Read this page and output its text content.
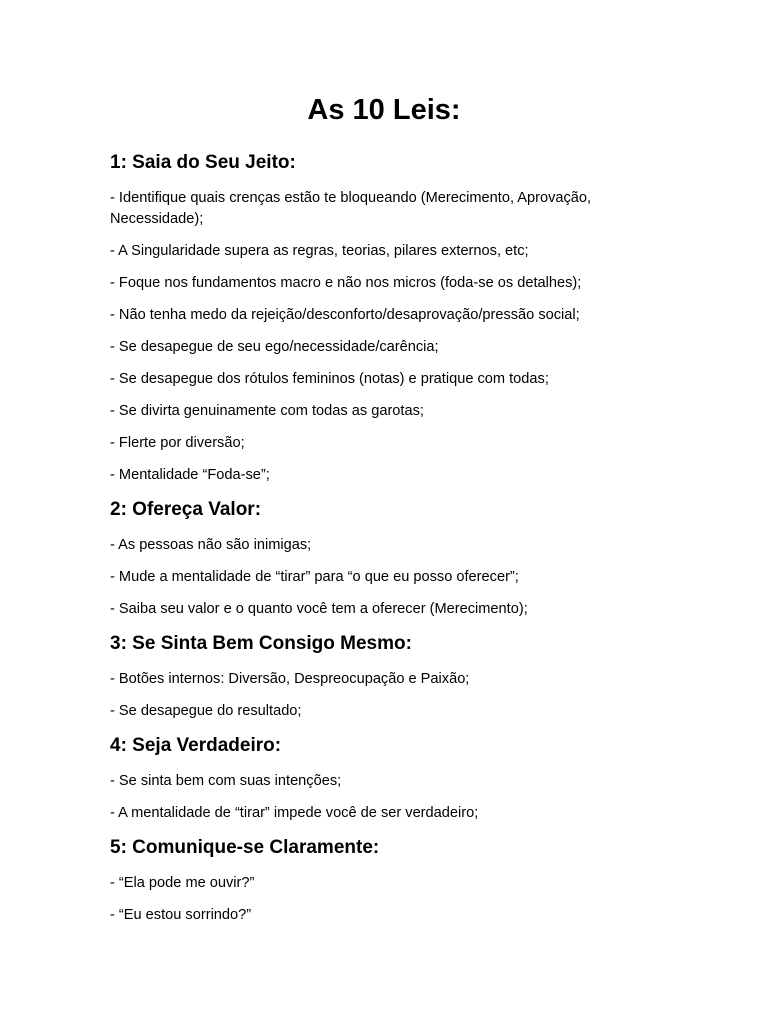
As 10 Leis:
1: Saia do Seu Jeito:

- Identifique quais crenças estão te bloqueando (Merecimento, Aprovação, Necessidade);

- A Singularidade supera as regras, teorias, pilares externos, etc;

- Foque nos fundamentos macro e não nos micros (foda-se os detalhes);

- Não tenha medo da rejeição/desconforto/desaprovação/pressão social;

- Se desapegue de seu ego/necessidade/carência;

- Se desapegue dos rótulos femininos (notas) e pratique com todas;

- Se divirta genuinamente com todas as garotas;

- Flerte por diversão;

- Mentalidade “Foda-se”;

2: Ofereça Valor:

- As pessoas não são inimigas;

- Mude a mentalidade de “tirar” para “o que eu posso oferecer”;

- Saiba seu valor e o quanto você tem a oferecer (Merecimento);

3: Se Sinta Bem Consigo Mesmo:

- Botões internos: Diversão, Despreocupação e Paixão;

- Se desapegue do resultado;

4: Seja Verdadeiro:

- Se sinta bem com suas intenções;

- A mentalidade de “tirar” impede você de ser verdadeiro;

5: Comunique-se Claramente:

- “Ela pode me ouvir?”

- “Eu estou sorrindo?”
